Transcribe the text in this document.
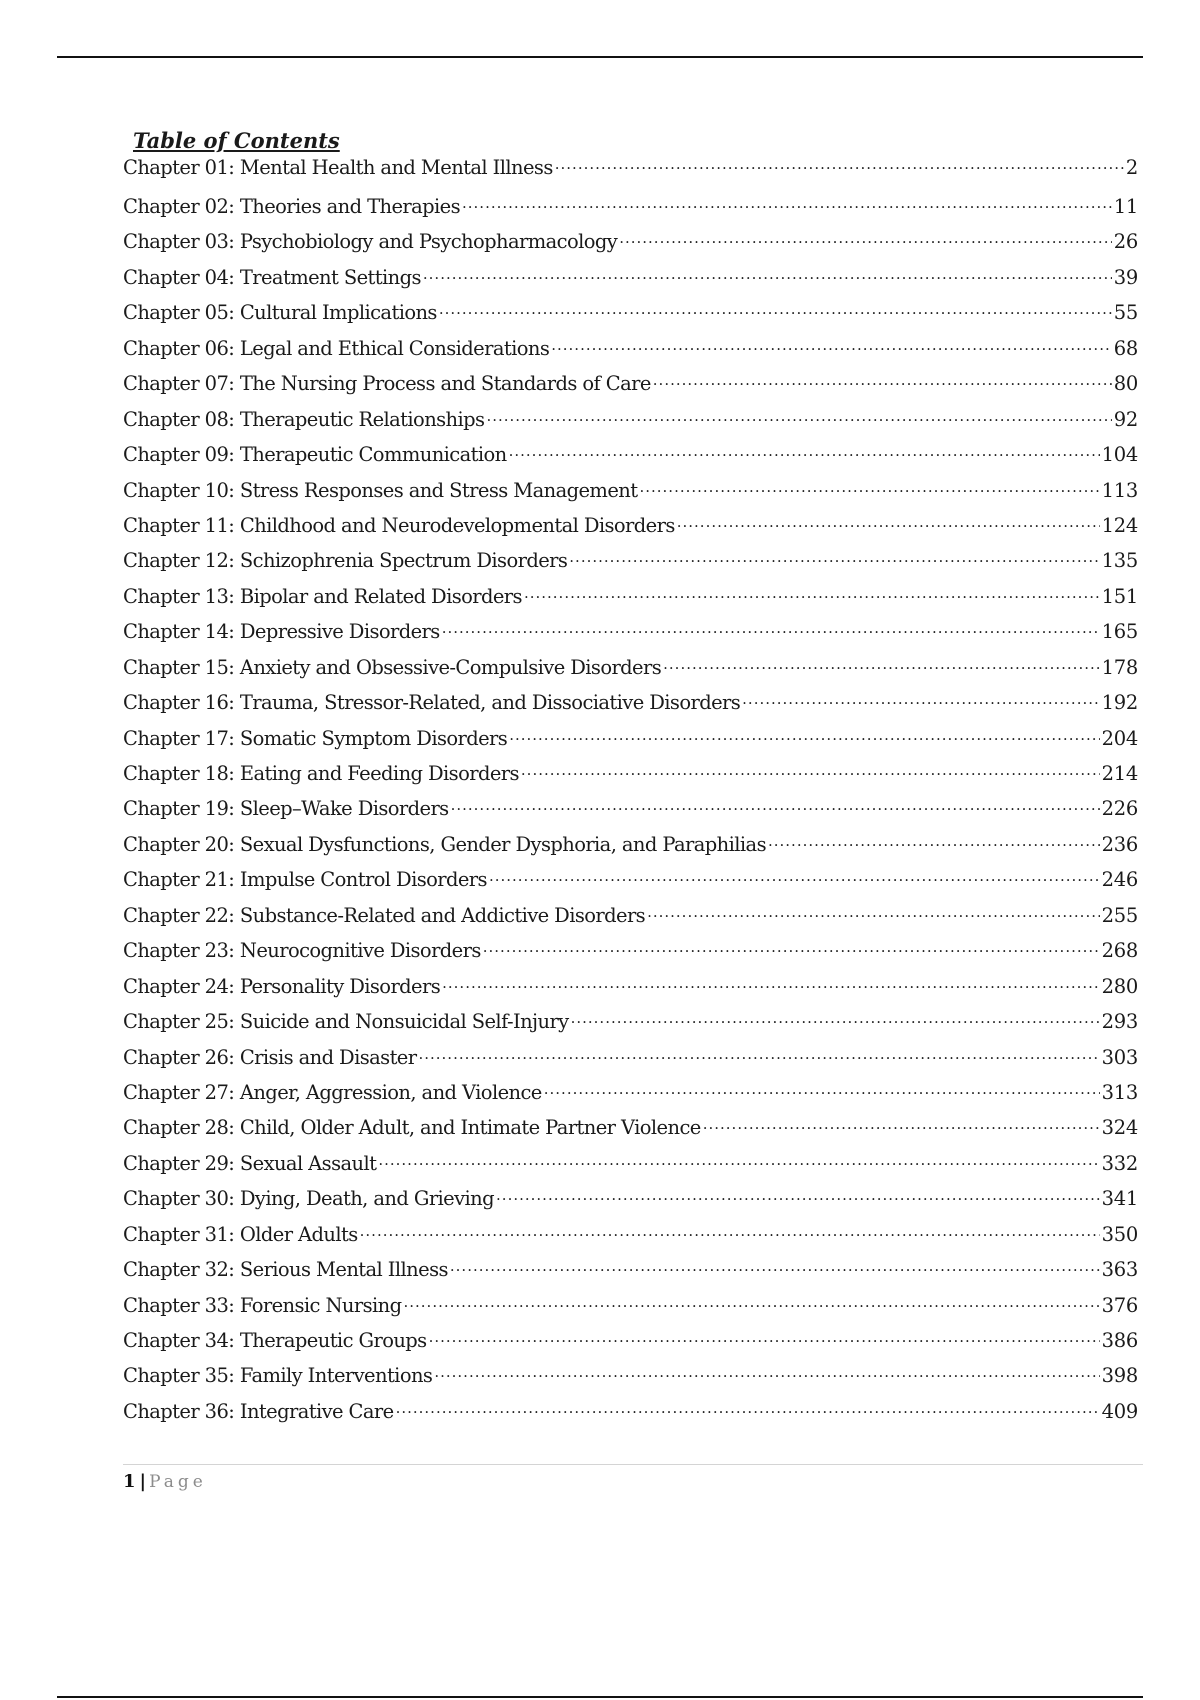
Table of Contents
Chapter 01: Mental Health and Mental Illness .....	2
Chapter 02: Theories and Therapies .....	11
Chapter 03: Psychobiology and Psychopharmacology .....	26
Chapter 04: Treatment Settings .....	39
Chapter 05: Cultural Implications .....	55
Chapter 06: Legal and Ethical Considerations .....	68
Chapter 07: The Nursing Process and Standards of Care .....	80
Chapter 08: Therapeutic Relationships .....	92
Chapter 09: Therapeutic Communication .....	104
Chapter 10: Stress Responses and Stress Management .....	113
Chapter 11: Childhood and Neurodevelopmental Disorders .....	124
Chapter 12: Schizophrenia Spectrum Disorders .....	135
Chapter 13: Bipolar and Related Disorders .....	151
Chapter 14: Depressive Disorders .....	165
Chapter 15: Anxiety and Obsessive-Compulsive Disorders .....	178
Chapter 16: Trauma, Stressor-Related, and Dissociative Disorders .....	192
Chapter 17: Somatic Symptom Disorders .....	204
Chapter 18: Eating and Feeding Disorders .....	214
Chapter 19: Sleep–Wake Disorders .....	226
Chapter 20: Sexual Dysfunctions, Gender Dysphoria, and Paraphilias .....	236
Chapter 21: Impulse Control Disorders .....	246
Chapter 22: Substance-Related and Addictive Disorders .....	255
Chapter 23: Neurocognitive Disorders .....	268
Chapter 24: Personality Disorders .....	280
Chapter 25: Suicide and Nonsuicidal Self-Injury .....	293
Chapter 26: Crisis and Disaster .....	303
Chapter 27: Anger, Aggression, and Violence .....	313
Chapter 28: Child, Older Adult, and Intimate Partner Violence .....	324
Chapter 29: Sexual Assault .....	332
Chapter 30: Dying, Death, and Grieving .....	341
Chapter 31: Older Adults .....	350
Chapter 32: Serious Mental Illness .....	363
Chapter 33: Forensic Nursing .....	376
Chapter 34: Therapeutic Groups .....	386
Chapter 35: Family Interventions .....	398
Chapter 36: Integrative Care .....	409
1 | Page
